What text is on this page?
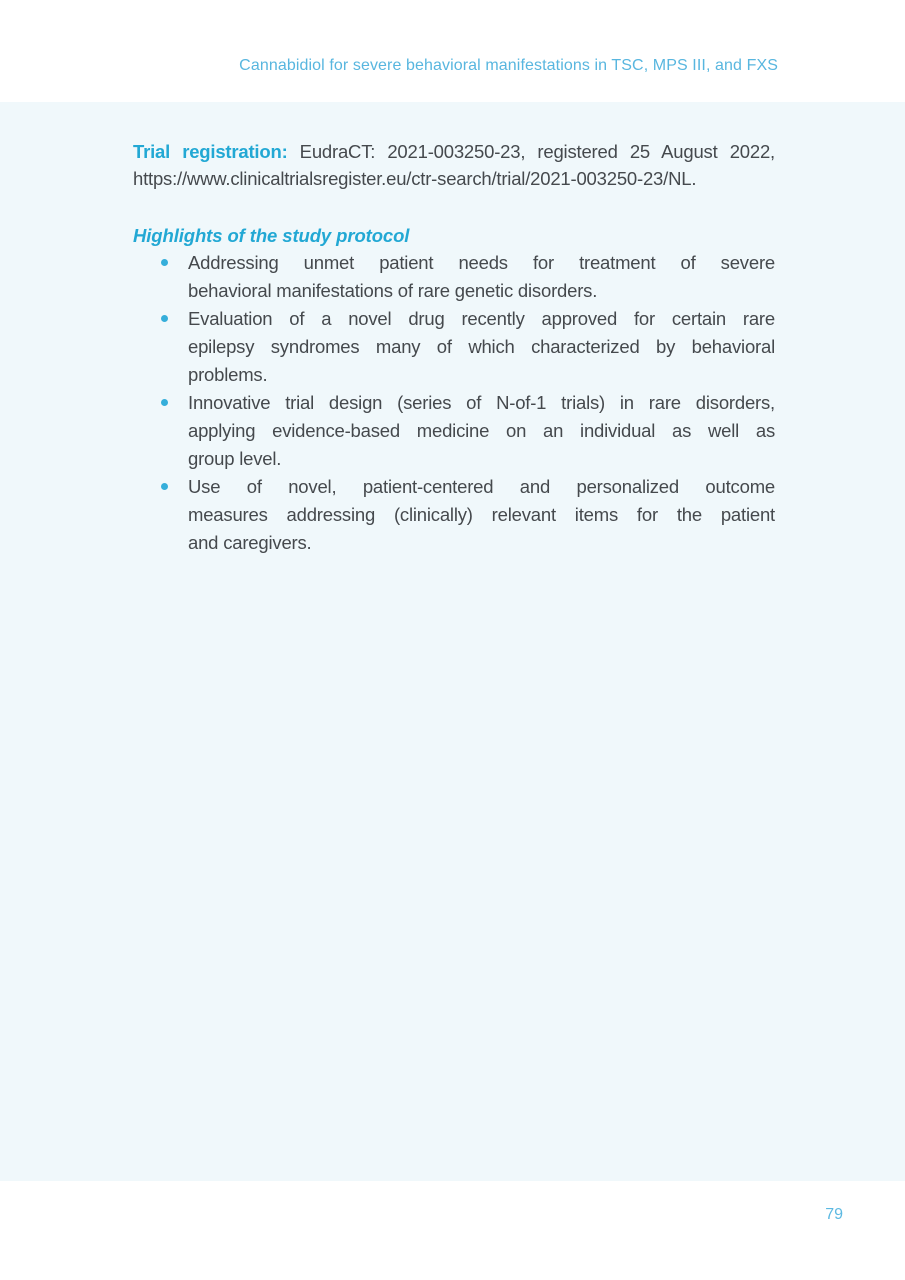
Cannabidiol for severe behavioral manifestations in TSC, MPS III, and FXS

Trial registration: EudraCT: 2021-003250-23, registered 25 August 2022,
https://www.clinicaltrialsregister.eu/ctr-search/trial/2021-003250-23/NL.

Highlights of the study protocol
Addressing unmet patient needs for treatment of severe
behavioral manifestations of rare genetic disorders.
Evaluation of a novel drug recently approved for certain rare
epilepsy syndromes many of which characterized by behavioral
problems.
Innovative trial design (series of N-of-1 trials) in rare disorders,
applying evidence-based medicine on an individual as well as
group level.
Use of novel, patient-centered and personalized outcome
measures addressing (clinically) relevant items for the patient
and caregivers.
79
